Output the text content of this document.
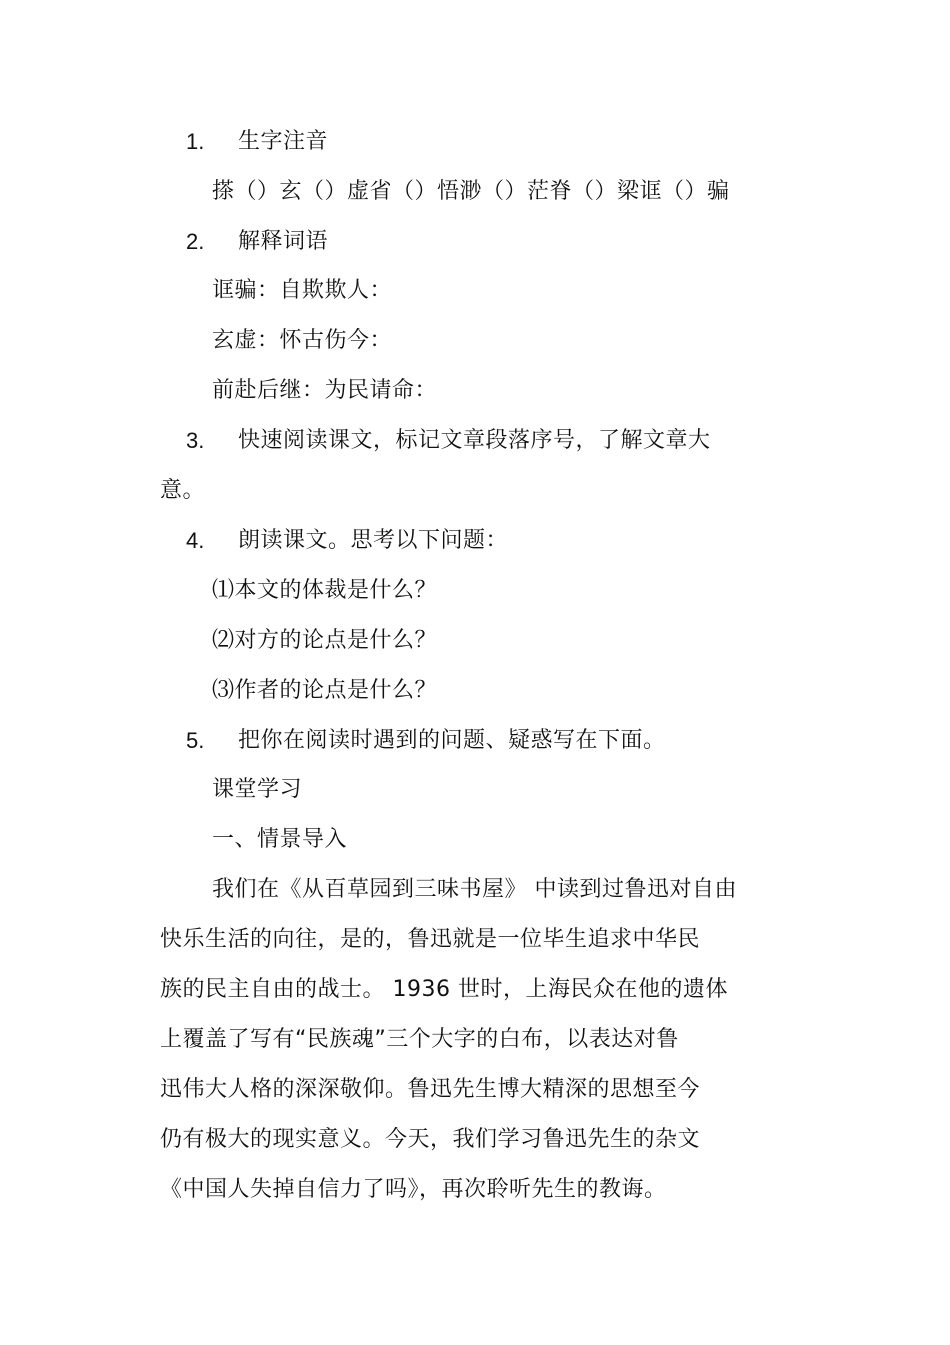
1. 生字注音
搽（）玄（）虚省（）悟渺（）茫脊（）梁诓（）骗
2. 解释词语
诓骗：自欺欺人：
玄虚：怀古伤今：
前赴后继：为民请命：
3. 快速阅读课文，标记文章段落序号，了解文章大
意。
4. 朗读课文。思考以下问题：
⑴本文的体裁是什么？
⑵对方的论点是什么？
⑶作者的论点是什么？
5. 把你在阅读时遇到的问题、疑惑写在下面。
课堂学习
一、情景导入
我们在《从百草园到三味书屋》 中读到过鲁迅对自由
快乐生活的向往，是的，鲁迅就是一位毕生追求中华民
族的民主自由的战士。 1936 世时，上海民众在他的遗体
上覆盖了写有“民族魂”三个大字的白布，以表达对鲁
迅伟大人格的深深敬仰。鲁迅先生博大精深的思想至今
仍有极大的现实意义。今天，我们学习鲁迅先生的杂文
《中国人失掉自信力了吗》，再次聆听先生的教诲。
